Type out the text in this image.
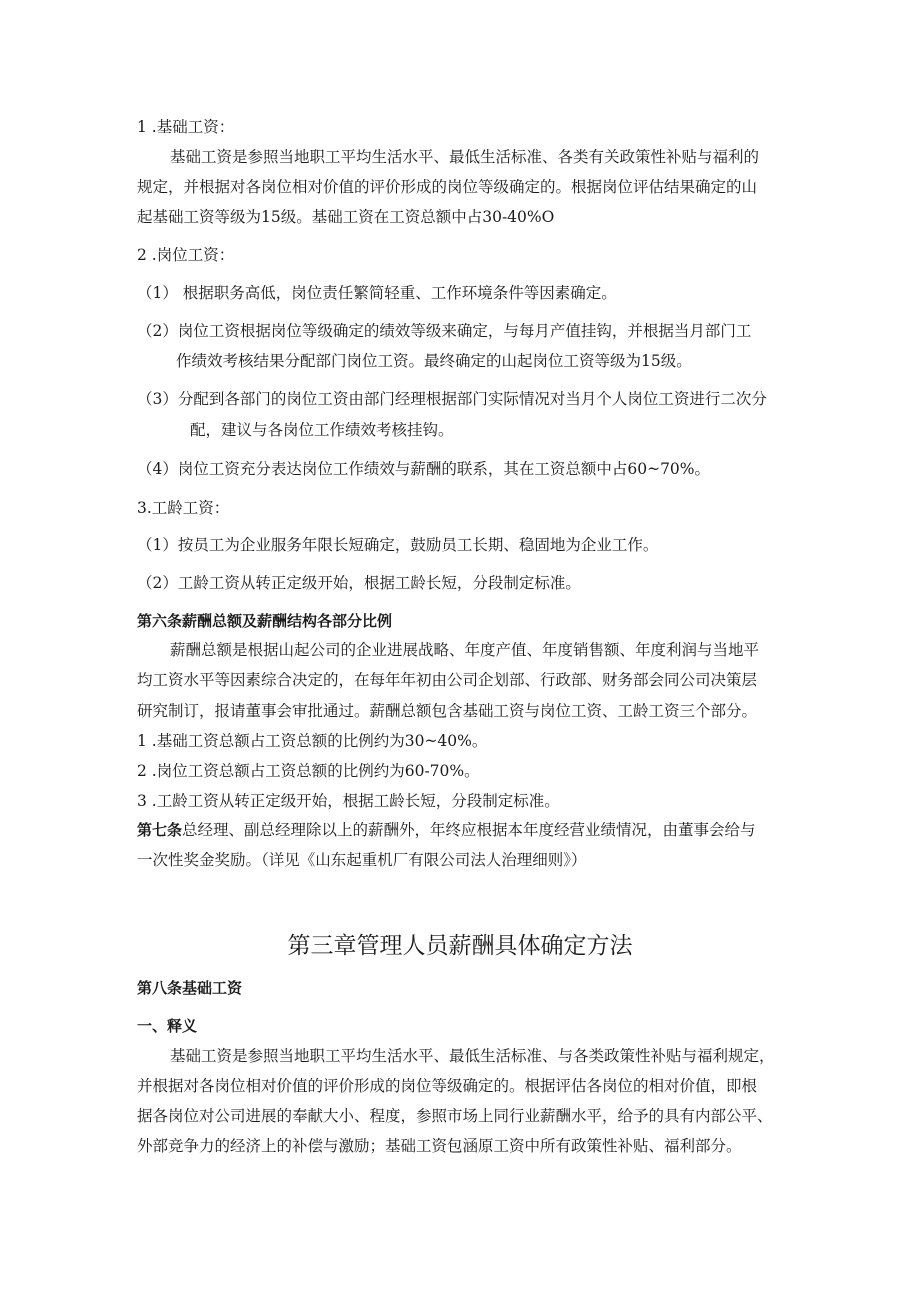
1 .基础工资：
基础工资是参照当地职工平均生活水平、最低生活标准、各类有关政策性补贴与福利的
规定，并根据对各岗位相对价值的评价形成的岗位等级确定的。根据岗位评估结果确定的山
起基础工资等级为15级。基础工资在工资总额中占30-40%O
2 .岗位工资：
（1） 根据职务高低，岗位责任繁简轻重、工作环境条件等因素确定。
（2）岗位工资根据岗位等级确定的绩效等级来确定，与每月产值挂钩，并根据当月部门工
作绩效考核结果分配部门岗位工资。最终确定的山起岗位工资等级为15级。
（3）分配到各部门的岗位工资由部门经理根据部门实际情况对当月个人岗位工资进行二次分
配，建议与各岗位工作绩效考核挂钩。
（4）岗位工资充分表达岗位工作绩效与薪酬的联系，其在工资总额中占60~70%。
3.工龄工资：
（1）按员工为企业服务年限长短确定，鼓励员工长期、稳固地为企业工作。
（2）工龄工资从转正定级开始，根据工龄长短，分段制定标准。
第六条薪酬总额及薪酬结构各部分比例
薪酬总额是根据山起公司的企业进展战略、年度产值、年度销售额、年度利润与当地平
均工资水平等因素综合决定的，在每年年初由公司企划部、行政部、财务部会同公司决策层
研究制订，报请董事会审批通过。薪酬总额包含基础工资与岗位工资、工龄工资三个部分。
1 .基础工资总额占工资总额的比例约为30~40%。
2 .岗位工资总额占工资总额的比例约为60-70%。
3 .工龄工资从转正定级开始，根据工龄长短，分段制定标准。
第七条总经理、副总经理除以上的薪酬外，年终应根据本年度经营业绩情况，由董事会给与
一次性奖金奖励。（详见《山东起重机厂有限公司法人治理细则》）
第三章管理人员薪酬具体确定方法
第八条基础工资
一、释义
基础工资是参照当地职工平均生活水平、最低生活标准、与各类政策性补贴与福利规定，
并根据对各岗位相对价值的评价形成的岗位等级确定的。根据评估各岗位的相对价值，即根
据各岗位对公司进展的奉献大小、程度，参照市场上同行业薪酬水平，给予的具有内部公平、
外部竞争力的经济上的补偿与激励；基础工资包涵原工资中所有政策性补贴、福利部分。
